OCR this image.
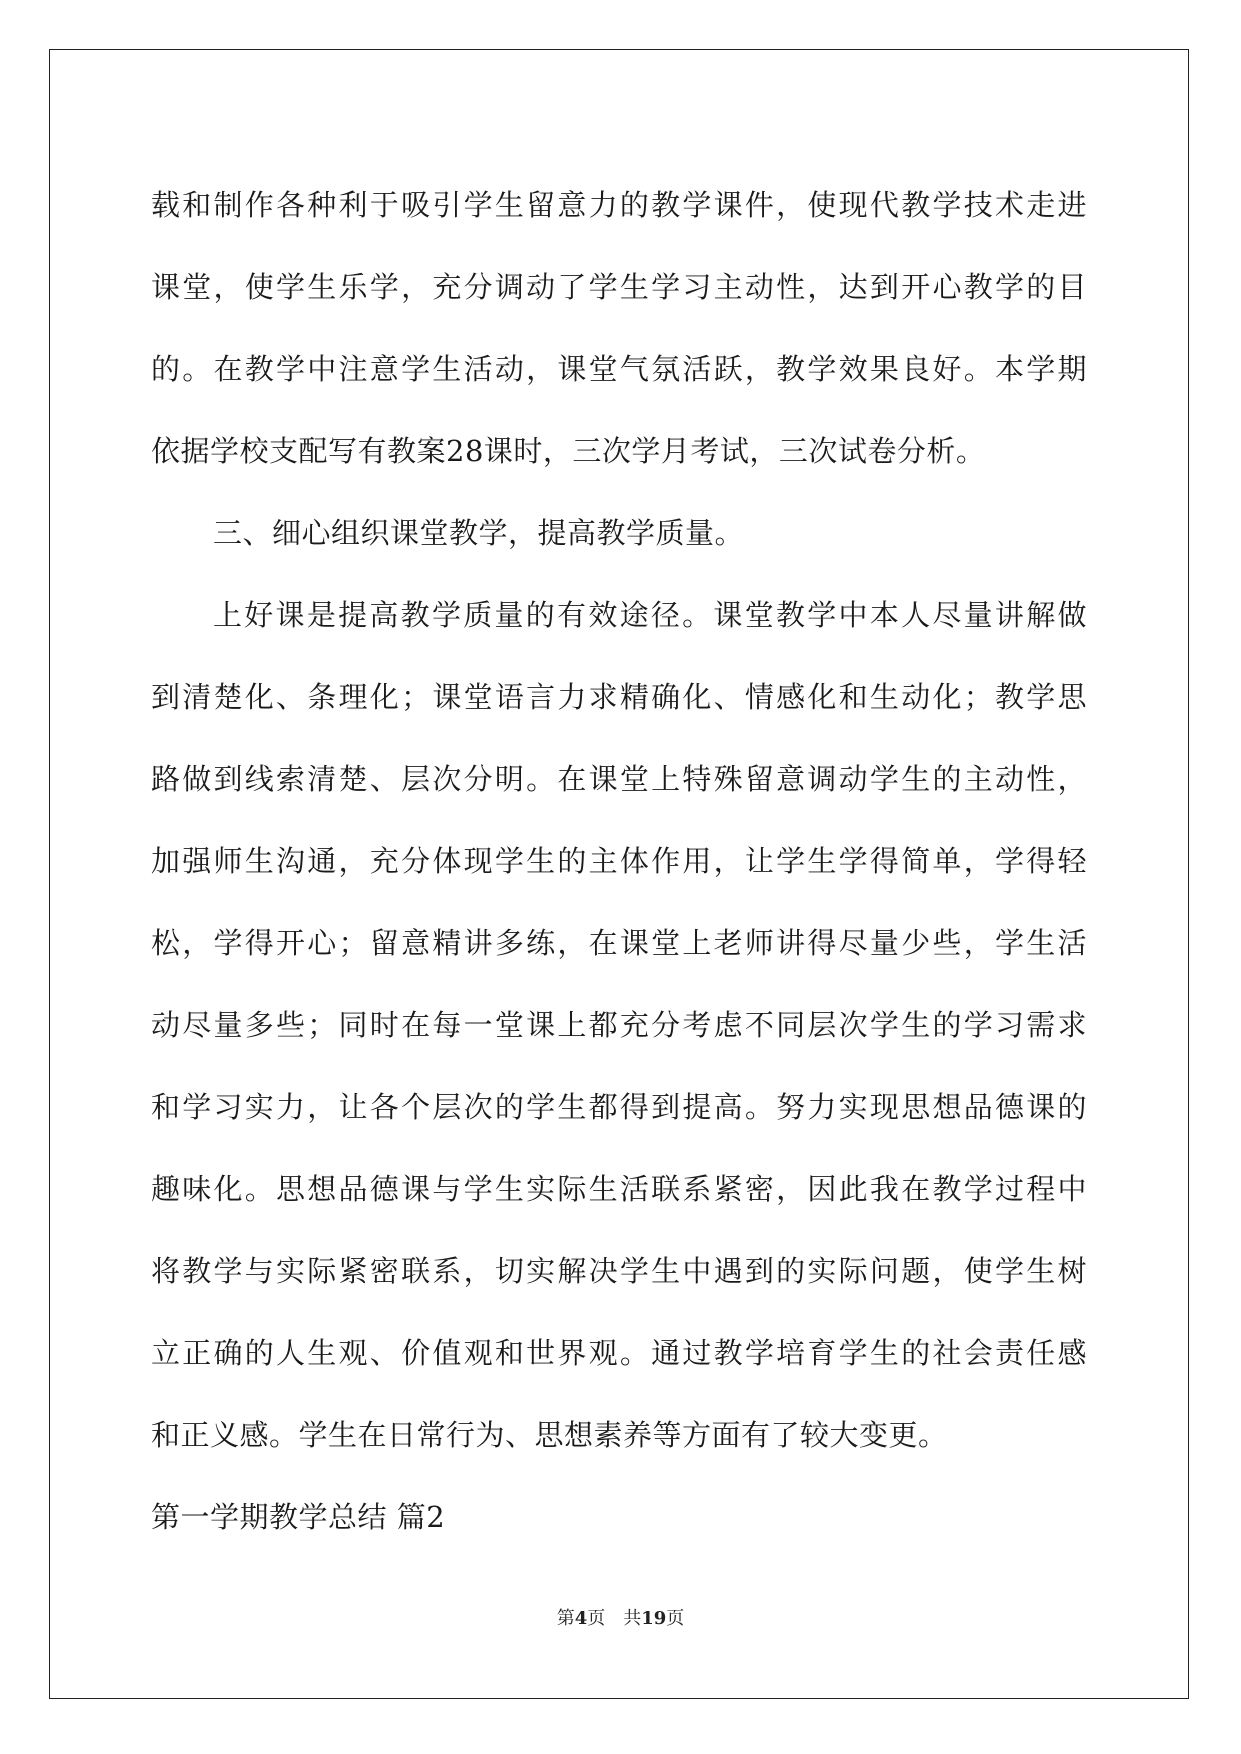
载和制作各种利于吸引学生留意力的教学课件，使现代教学技术走进
课堂，使学生乐学，充分调动了学生学习主动性，达到开心教学的目
的。在教学中注意学生活动，课堂气氛活跃，教学效果良好。本学期
依据学校支配写有教案28课时，三次学月考试，三次试卷分析。
三、细心组织课堂教学，提高教学质量。
上好课是提高教学质量的有效途径。课堂教学中本人尽量讲解做
到清楚化、条理化；课堂语言力求精确化、情感化和生动化；教学思
路做到线索清楚、层次分明。在课堂上特殊留意调动学生的主动性，
加强师生沟通，充分体现学生的主体作用，让学生学得简单，学得轻
松，学得开心；留意精讲多练，在课堂上老师讲得尽量少些，学生活
动尽量多些；同时在每一堂课上都充分考虑不同层次学生的学习需求
和学习实力，让各个层次的学生都得到提高。努力实现思想品德课的
趣味化。思想品德课与学生实际生活联系紧密，因此我在教学过程中
将教学与实际紧密联系，切实解决学生中遇到的实际问题，使学生树
立正确的人生观、价值观和世界观。通过教学培育学生的社会责任感
和正义感。学生在日常行为、思想素养等方面有了较大变更。
第一学期教学总结 篇2
第4页　共19页
